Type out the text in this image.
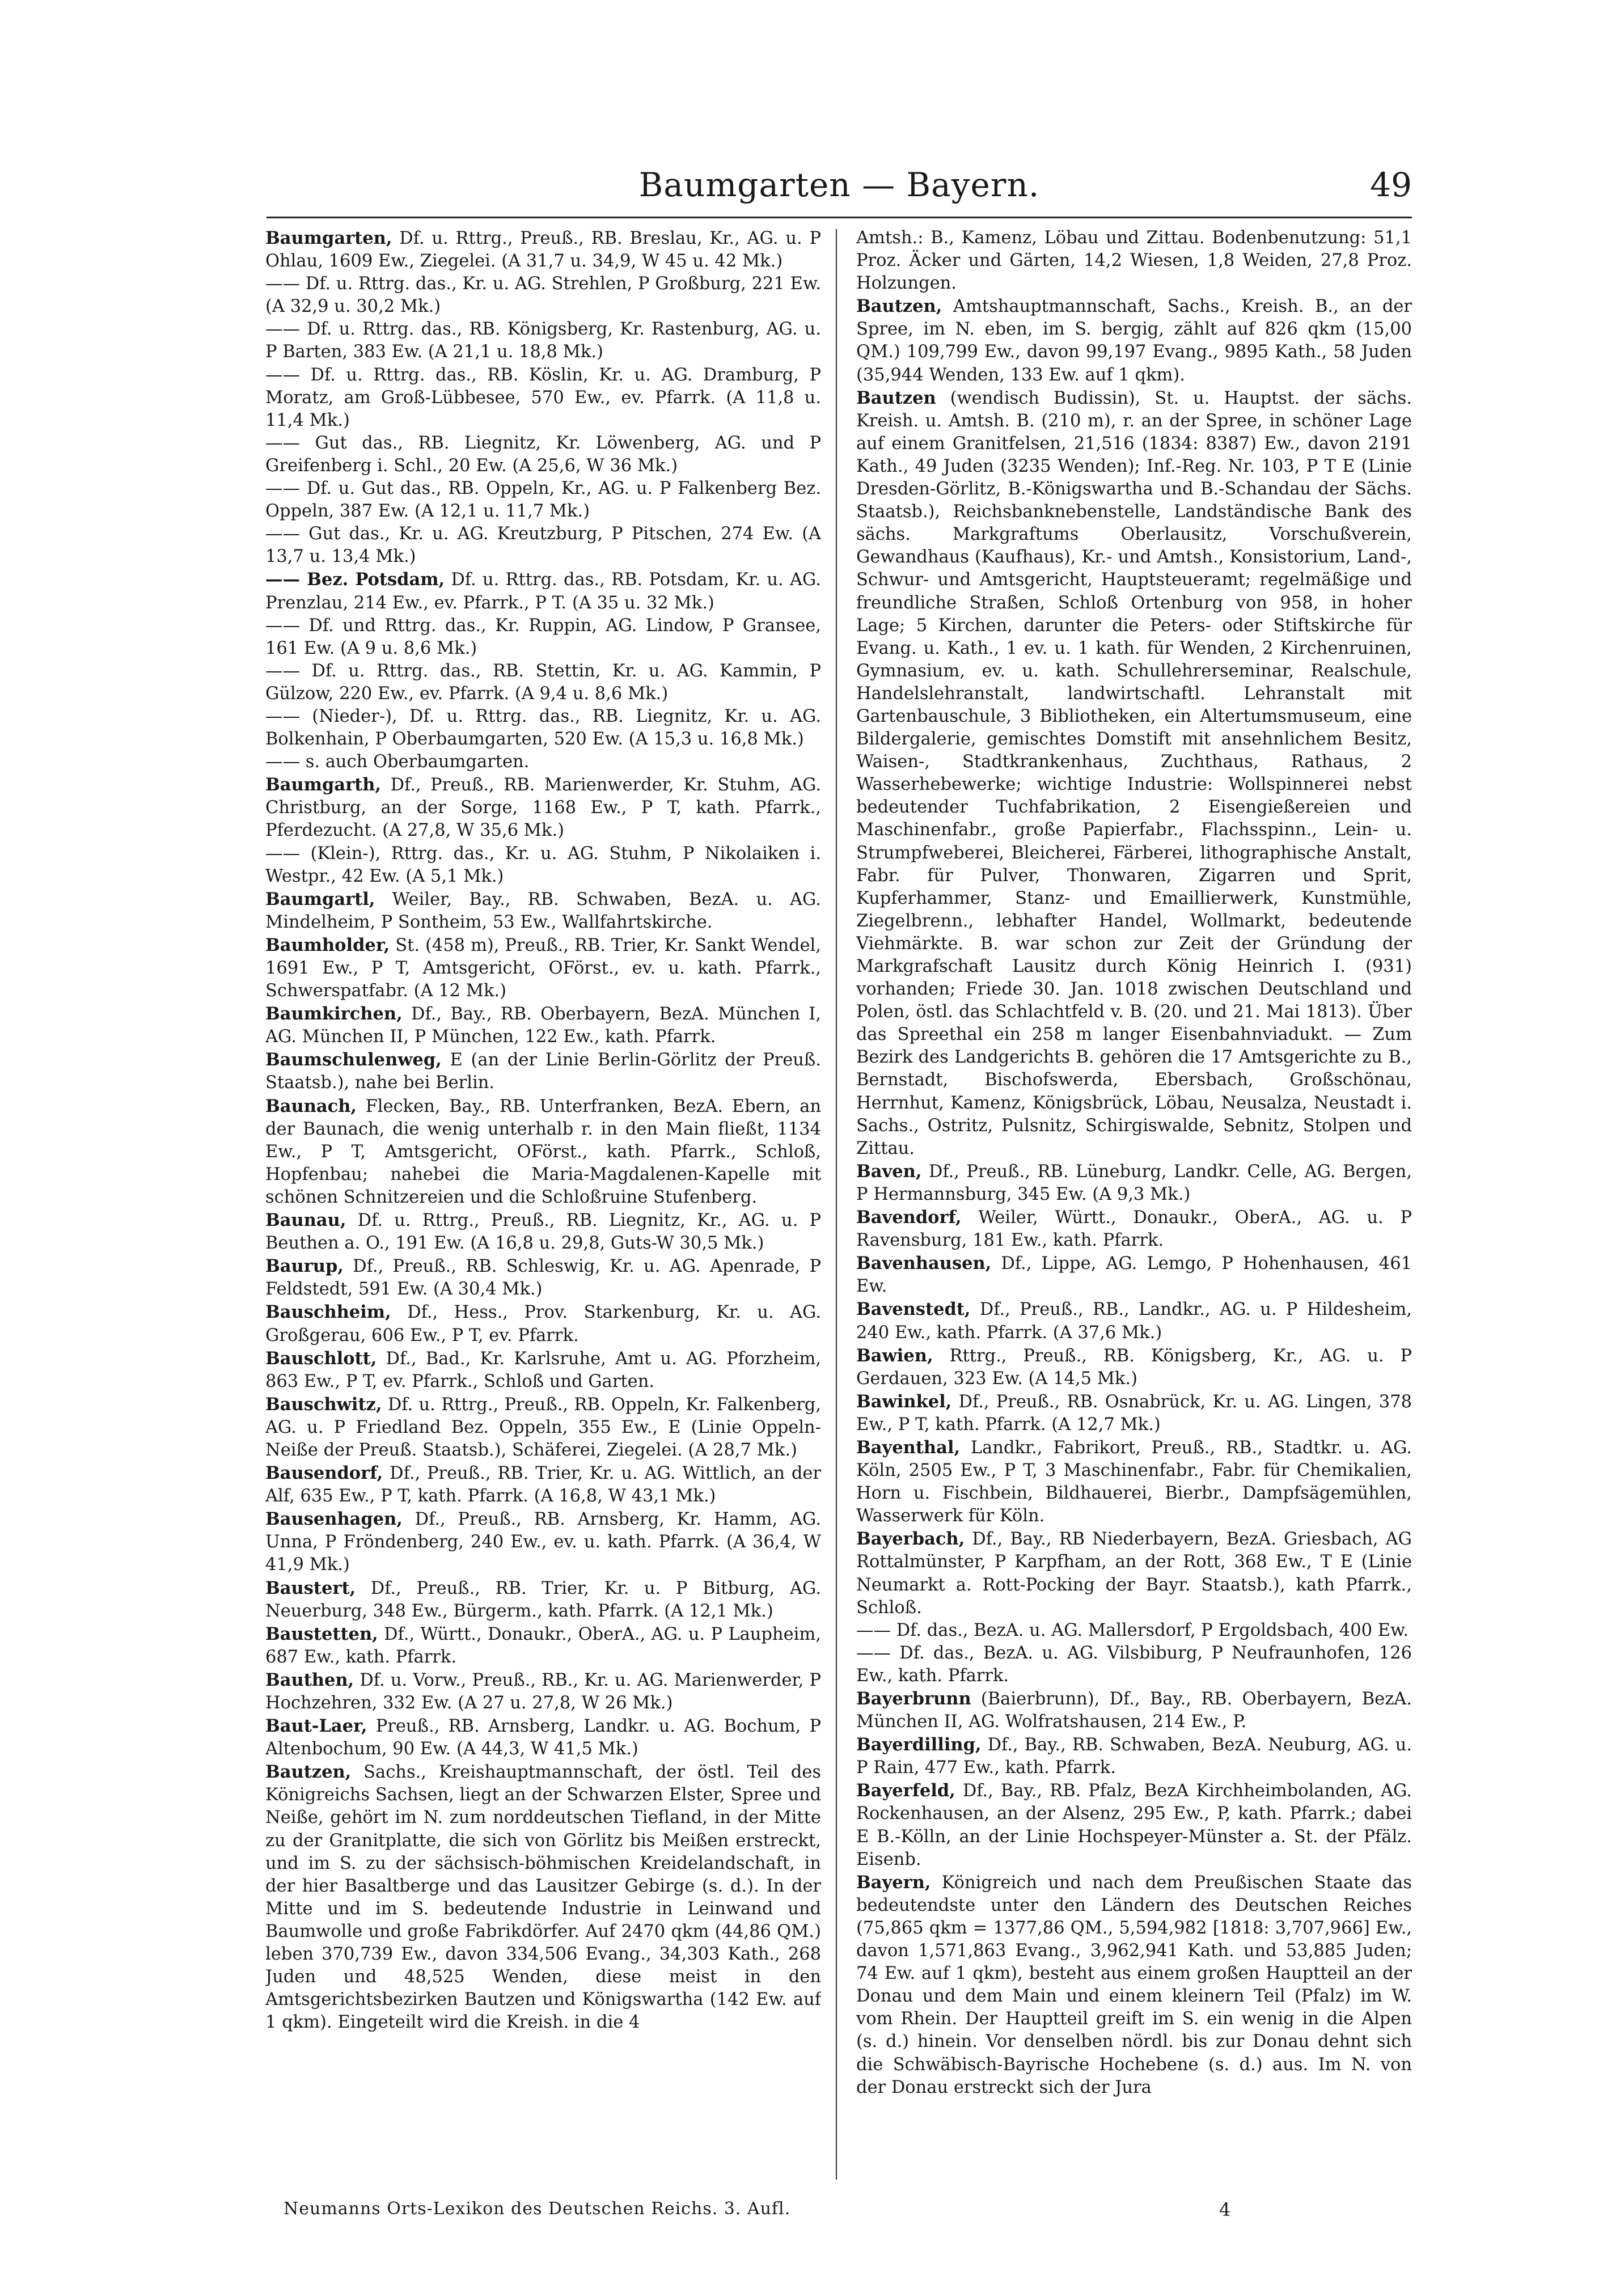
Baumgarten — Bayern.	49

Baumgarten, Df. u. Rttrg., Preuß., RB. Breslau, Kr., AG. u. P Ohlau, 1609 Ew., Ziegelei. (A 31,7 u. 34,9, W 45 u. 42 Mk.)

—— Df. u. Rttrg. das., Kr. u. AG. Strehlen, P Großburg, 221 Ew. (A 32,9 u. 30,2 Mk.)

—— Df. u. Rttrg. das., RB. Königsberg, Kr. Rastenburg, AG. u. P Barten, 383 Ew. (A 21,1 u. 18,8 Mk.)

—— Df. u. Rttrg. das., RB. Köslin, Kr. u. AG. Dramburg, P Moratz, am Groß-Lübbesee, 570 Ew., ev. Pfarrk. (A 11,8 u. 11,4 Mk.)

—— Gut das., RB. Liegnitz, Kr. Löwenberg, AG. und P Greifenberg i. Schl., 20 Ew. (A 25,6, W 36 Mk.)

—— Df. u. Gut das., RB. Oppeln, Kr., AG. u. P Falkenberg Bez. Oppeln, 387 Ew. (A 12,1 u. 11,7 Mk.)

—— Gut das., Kr. u. AG. Kreutzburg, P Pitschen, 274 Ew. (A 13,7 u. 13,4 Mk.)

—— Bez. Potsdam, Df. u. Rttrg. das., RB. Potsdam, Kr. u. AG. Prenzlau, 214 Ew., ev. Pfarrk., P T. (A 35 u. 32 Mk.)

—— Df. und Rttrg. das., Kr. Ruppin, AG. Lindow, P Gransee, 161 Ew. (A 9 u. 8,6 Mk.)

—— Df. u. Rttrg. das., RB. Stettin, Kr. u. AG. Kammin, P Gülzow, 220 Ew., ev. Pfarrk. (A 9,4 u. 8,6 Mk.)

—— (Nieder-), Df. u. Rttrg. das., RB. Liegnitz, Kr. u. AG. Bolkenhain, P Oberbaumgarten, 520 Ew. (A 15,3 u. 16,8 Mk.)

—— s. auch Oberbaumgarten.

Baumgarth, Df., Preuß., RB. Marienwerder, Kr. Stuhm, AG. Christburg, an der Sorge, 1168 Ew., P T, kath. Pfarrk., Pferdezucht. (A 27,8, W 35,6 Mk.)

—— (Klein-), Rttrg. das., Kr. u. AG. Stuhm, P Nikolaiken i. Westpr., 42 Ew. (A 5,1 Mk.)

Baumgartl, Weiler, Bay., RB. Schwaben, BezA. u. AG. Mindelheim, P Sontheim, 53 Ew., Wallfahrtskirche.

Baumholder, St. (458 m), Preuß., RB. Trier, Kr. Sankt Wendel, 1691 Ew., P T, Amtsgericht, OFörst., ev. u. kath. Pfarrk., Schwerspatfabr. (A 12 Mk.)

Baumkirchen, Df., Bay., RB. Oberbayern, BezA. München I, AG. München II, P München, 122 Ew., kath. Pfarrk.

Baumschulenweg, E (an der Linie Berlin-Görlitz der Preuß. Staatsb.), nahe bei Berlin.

Baunach, Flecken, Bay., RB. Unterfranken, BezA. Ebern, an der Baunach, die wenig unterhalb r. in den Main fließt, 1134 Ew., P T, Amtsgericht, OFörst., kath. Pfarrk., Schloß, Hopfenbau; nahebei die Maria-Magdalenen-Kapelle mit schönen Schnitzereien und die Schloßruine Stufenberg.

Baunau, Df. u. Rttrg., Preuß., RB. Liegnitz, Kr., AG. u. P Beuthen a. O., 191 Ew. (A 16,8 u. 29,8, Guts-W 30,5 Mk.)

Baurup, Df., Preuß., RB. Schleswig, Kr. u. AG. Apenrade, P Feldstedt, 591 Ew. (A 30,4 Mk.)

Bauschheim, Df., Hess., Prov. Starkenburg, Kr. u. AG. Großgerau, 606 Ew., P T, ev. Pfarrk.

Bauschlott, Df., Bad., Kr. Karlsruhe, Amt u. AG. Pforzheim, 863 Ew., P T, ev. Pfarrk., Schloß und Garten.

Bauschwitz, Df. u. Rttrg., Preuß., RB. Oppeln, Kr. Falkenberg, AG. u. P Friedland Bez. Oppeln, 355 Ew., E (Linie Oppeln-Neiße der Preuß. Staatsb.), Schäferei, Ziegelei. (A 28,7 Mk.)

Bausendorf, Df., Preuß., RB. Trier, Kr. u. AG. Wittlich, an der Alf, 635 Ew., P T, kath. Pfarrk. (A 16,8, W 43,1 Mk.)

Bausenhagen, Df., Preuß., RB. Arnsberg, Kr. Hamm, AG. Unna, P Fröndenberg, 240 Ew., ev. u. kath. Pfarrk. (A 36,4, W 41,9 Mk.)

Baustert, Df., Preuß., RB. Trier, Kr. u. P Bitburg, AG. Neuerburg, 348 Ew., Bürgerm., kath. Pfarrk. (A 12,1 Mk.)

Baustetten, Df., Württ., Donaukr., OberA., AG. u. P Laupheim, 687 Ew., kath. Pfarrk.

Bauthen, Df. u. Vorw., Preuß., RB., Kr. u. AG. Marienwerder, P Hochzehren, 332 Ew. (A 27 u. 27,8, W 26 Mk.)

Baut-Laer, Preuß., RB. Arnsberg, Landkr. u. AG. Bochum, P Altenbochum, 90 Ew. (A 44,3, W 41,5 Mk.)

Bautzen, Sachs., Kreishauptmannschaft, der östl. Teil des Königreichs Sachsen, liegt an der Schwarzen Elster, Spree und Neiße, gehört im N. zum norddeutschen Tiefland, in der Mitte zu der Granitplatte, die sich von Görlitz bis Meißen erstreckt, und im S. zu der sächsisch-böhmischen Kreidelandschaft, in der hier Basaltberge und das Lausitzer Gebirge (s. d.). In der Mitte und im S. bedeutende Industrie in Leinwand und Baumwolle und große Fabrikdörfer. Auf 2470 qkm (44,86 QM.) leben 370,739 Ew., davon 334,506 Evang., 34,303 Kath., 268 Juden und 48,525 Wenden, diese meist in den Amtsgerichtsbezirken Bautzen und Königswartha (142 Ew. auf 1 qkm). Eingeteilt wird die Kreish. in die 4

Amtsh.: B., Kamenz, Löbau und Zittau. Bodenbenutzung: 51,1 Proz. Äcker und Gärten, 14,2 Wiesen, 1,8 Weiden, 27,8 Proz. Holzungen.

Bautzen, Amtshauptmannschaft, Sachs., Kreish. B., an der Spree, im N. eben, im S. bergig, zählt auf 826 qkm (15,00 QM.) 109,799 Ew., davon 99,197 Evang., 9895 Kath., 58 Juden (35,944 Wenden, 133 Ew. auf 1 qkm).

Bautzen (wendisch Budissin), St. u. Hauptst. der sächs. Kreish. u. Amtsh. B. (210 m), r. an der Spree, in schöner Lage auf einem Granitfelsen, 21,516 (1834: 8387) Ew., davon 2191 Kath., 49 Juden (3235 Wenden); Inf.-Reg. Nr. 103, P T E (Linie Dresden-Görlitz, B.-Königswartha und B.-Schandau der Sächs. Staatsb.), Reichsbanknebenstelle, Landständische Bank des sächs. Markgraftums Oberlausitz, Vorschußverein, Gewandhaus (Kaufhaus), Kr.- und Amtsh., Konsistorium, Land-, Schwur- und Amtsgericht, Hauptsteueramt; regelmäßige und freundliche Straßen, Schloß Ortenburg von 958, in hoher Lage; 5 Kirchen, darunter die Peters- oder Stiftskirche für Evang. u. Kath., 1 ev. u. 1 kath. für Wenden, 2 Kirchenruinen, Gymnasium, ev. u. kath. Schullehrerseminar, Realschule, Handelslehranstalt, landwirtschaftl. Lehranstalt mit Gartenbauschule, 3 Bibliotheken, ein Altertumsmuseum, eine Bildergalerie, gemischtes Domstift mit ansehnlichem Besitz, Waisen-, Stadtkrankenhaus, Zuchthaus, Rathaus, 2 Wasserhebewerke; wichtige Industrie: Wollspinnerei nebst bedeutender Tuchfabrikation, 2 Eisengießereien und Maschinenfabr., große Papierfabr., Flachsspinn., Lein- u. Strumpfweberei, Bleicherei, Färberei, lithographische Anstalt, Fabr. für Pulver, Thonwaren, Zigarren und Sprit, Kupferhammer, Stanz- und Emaillierwerk, Kunstmühle, Ziegelbrenn., lebhafter Handel, Wollmarkt, bedeutende Viehmärkte. B. war schon zur Zeit der Gründung der Markgrafschaft Lausitz durch König Heinrich I. (931) vorhanden; Friede 30. Jan. 1018 zwischen Deutschland und Polen, östl. das Schlachtfeld v. B. (20. und 21. Mai 1813). Über das Spreethal ein 258 m langer Eisenbahnviadukt. — Zum Bezirk des Landgerichts B. gehören die 17 Amtsgerichte zu B., Bernstadt, Bischofswerda, Ebersbach, Großschönau, Herrnhut, Kamenz, Königsbrück, Löbau, Neusalza, Neustadt i. Sachs., Ostritz, Pulsnitz, Schirgiswalde, Sebnitz, Stolpen und Zittau.

Baven, Df., Preuß., RB. Lüneburg, Landkr. Celle, AG. Bergen, P Hermannsburg, 345 Ew. (A 9,3 Mk.)

Bavendorf, Weiler, Württ., Donaukr., OberA., AG. u. P Ravensburg, 181 Ew., kath. Pfarrk.

Bavenhausen, Df., Lippe, AG. Lemgo, P Hohenhausen, 461 Ew.

Bavenstedt, Df., Preuß., RB., Landkr., AG. u. P Hildesheim, 240 Ew., kath. Pfarrk. (A 37,6 Mk.)

Bawien, Rttrg., Preuß., RB. Königsberg, Kr., AG. u. P Gerdauen, 323 Ew. (A 14,5 Mk.)

Bawinkel, Df., Preuß., RB. Osnabrück, Kr. u. AG. Lingen, 378 Ew., P T, kath. Pfarrk. (A 12,7 Mk.)

Bayenthal, Landkr., Fabrikort, Preuß., RB., Stadtkr. u. AG. Köln, 2505 Ew., P T, 3 Maschinenfabr., Fabr. für Chemikalien, Horn u. Fischbein, Bildhauerei, Bierbr., Dampfsägemühlen, Wasserwerk für Köln.

Bayerbach, Df., Bay., RB Niederbayern, BezA. Griesbach, AG Rottalmünster, P Karpfham, an der Rott, 368 Ew., T E (Linie Neumarkt a. Rott-Pocking der Bayr. Staatsb.), kath Pfarrk., Schloß.

—— Df. das., BezA. u. AG. Mallersdorf, P Ergoldsbach, 400 Ew.

—— Df. das., BezA. u. AG. Vilsbiburg, P Neufraunhofen, 126 Ew., kath. Pfarrk.

Bayerbrunn (Baierbrunn), Df., Bay., RB. Oberbayern, BezA. München II, AG. Wolfratshausen, 214 Ew., P.

Bayerdilling, Df., Bay., RB. Schwaben, BezA. Neuburg, AG. u. P Rain, 477 Ew., kath. Pfarrk.

Bayerfeld, Df., Bay., RB. Pfalz, BezA Kirchheimbolanden, AG. Rockenhausen, an der Alsenz, 295 Ew., P, kath. Pfarrk.; dabei E B.-Kölln, an der Linie Hochspeyer-Münster a. St. der Pfälz. Eisenb.

Bayern, Königreich und nach dem Preußischen Staate das bedeutendste unter den Ländern des Deutschen Reiches (75,865 qkm = 1377,86 QM., 5,594,982 [1818: 3,707,966] Ew., davon 1,571,863 Evang., 3,962,941 Kath. und 53,885 Juden; 74 Ew. auf 1 qkm), besteht aus einem großen Hauptteil an der Donau und dem Main und einem kleinern Teil (Pfalz) im W. vom Rhein. Der Hauptteil greift im S. ein wenig in die Alpen (s. d.) hinein. Vor denselben nördl. bis zur Donau dehnt sich die Schwäbisch-Bayrische Hochebene (s. d.) aus. Im N. von der Donau erstreckt sich der Jura

Neumanns Orts-Lexikon des Deutschen Reichs. 3. Aufl.	4
